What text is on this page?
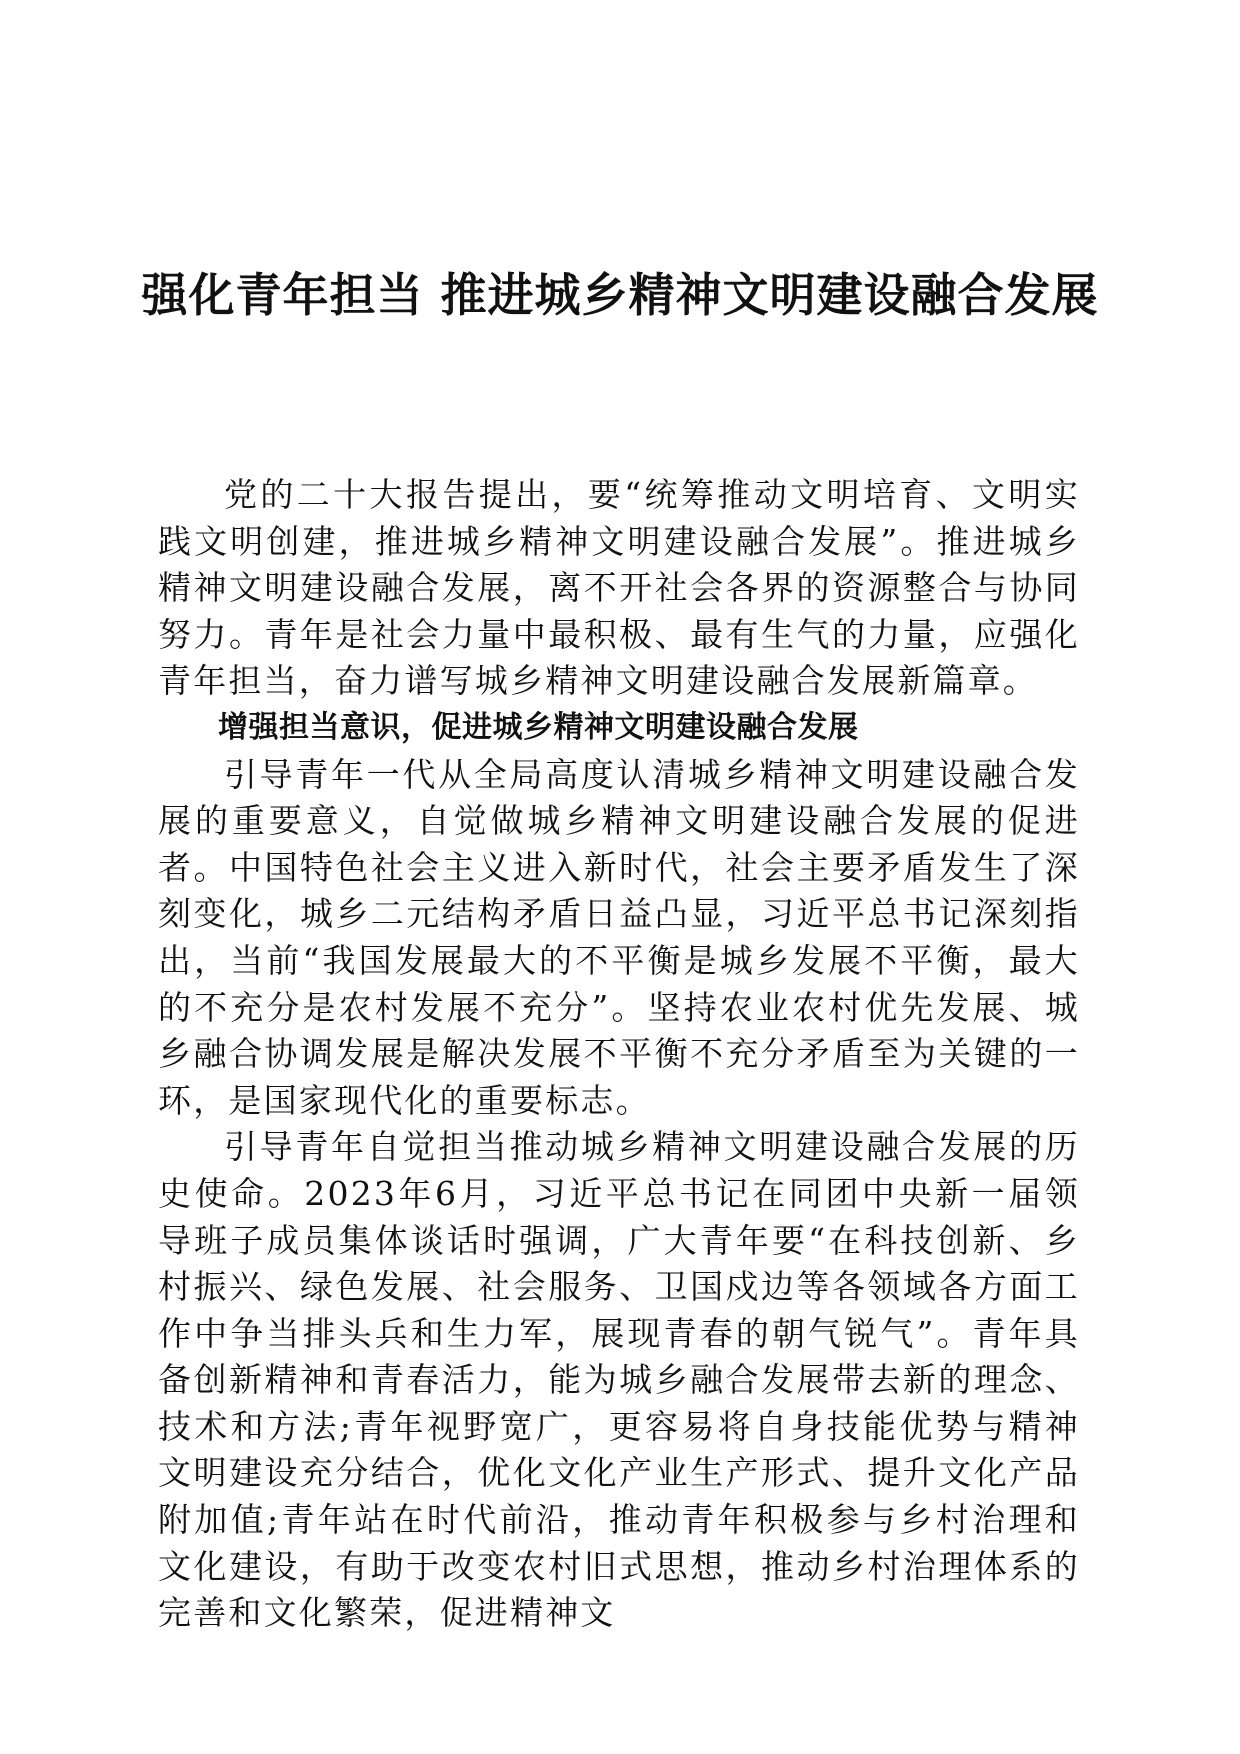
强化青年担当 推进城乡精神文明建设融合发展

党的二十大报告提出，要“统筹推动文明培育、文明实践文明创建，推进城乡精神文明建设融合发展”。推进城乡精神文明建设融合发展，离不开社会各界的资源整合与协同努力。青年是社会力量中最积极、最有生气的力量，应强化青年担当，奋力谱写城乡精神文明建设融合发展新篇章。

增强担当意识，促进城乡精神文明建设融合发展

引导青年一代从全局高度认清城乡精神文明建设融合发展的重要意义，自觉做城乡精神文明建设融合发展的促进者。中国特色社会主义进入新时代，社会主要矛盾发生了深刻变化，城乡二元结构矛盾日益凸显，习近平总书记深刻指出，当前“我国发展最大的不平衡是城乡发展不平衡，最大的不充分是农村发展不充分”。坚持农业农村优先发展、城乡融合协调发展是解决发展不平衡不充分矛盾至为关键的一环，是国家现代化的重要标志。

引导青年自觉担当推动城乡精神文明建设融合发展的历史使命。2023年6月，习近平总书记在同团中央新一届领导班子成员集体谈话时强调，广大青年要“在科技创新、乡村振兴、绿色发展、社会服务、卫国戍边等各领域各方面工作中争当排头兵和生力军，展现青春的朝气锐气”。青年具备创新精神和青春活力，能为城乡融合发展带去新的理念、技术和方法;青年视野宽广，更容易将自身技能优势与精神文明建设充分结合，优化文化产业生产形式、提升文化产品附加值;青年站在时代前沿，推动青年积极参与乡村治理和文化建设，有助于改变农村旧式思想，推动乡村治理体系的完善和文化繁荣，促进精神文
